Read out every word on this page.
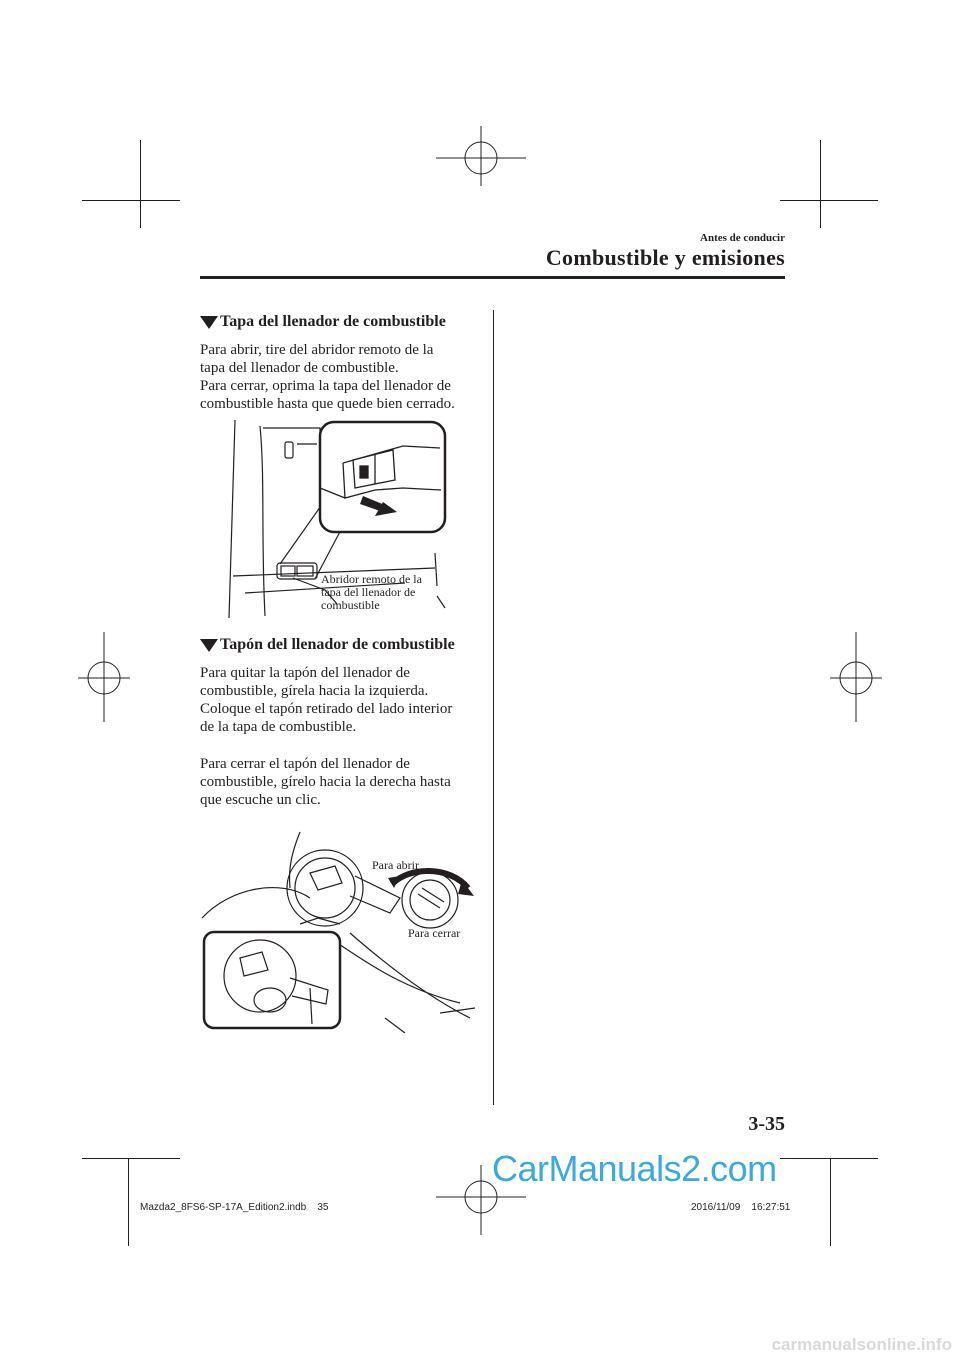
Antes de conducir
Combustible y emisiones
Tapa del llenador de combustible

Para abrir, tire del abridor remoto de la
tapa del llenador de combustible.
Para cerrar, oprima la tapa del llenador de
combustible hasta que quede bien cerrado.

Abridor remoto de la
tapa del llenador de
combustible
Tapón del llenador de combustible

Para quitar la tapón del llenador de
combustible, gírela hacia la izquierda.
Coloque el tapón retirado del lado interior
de la tapa de combustible.

Para cerrar el tapón del llenador de
combustible, gírelo hacia la derecha hasta
que escuche un clic.

Para abrir
Para cerrar
3-35
Mazda2_8FS6-SP-17A_Edition2.indb    35	2016/11/09    16:27:51
CarManuals2.com
carmanualsonline.info
